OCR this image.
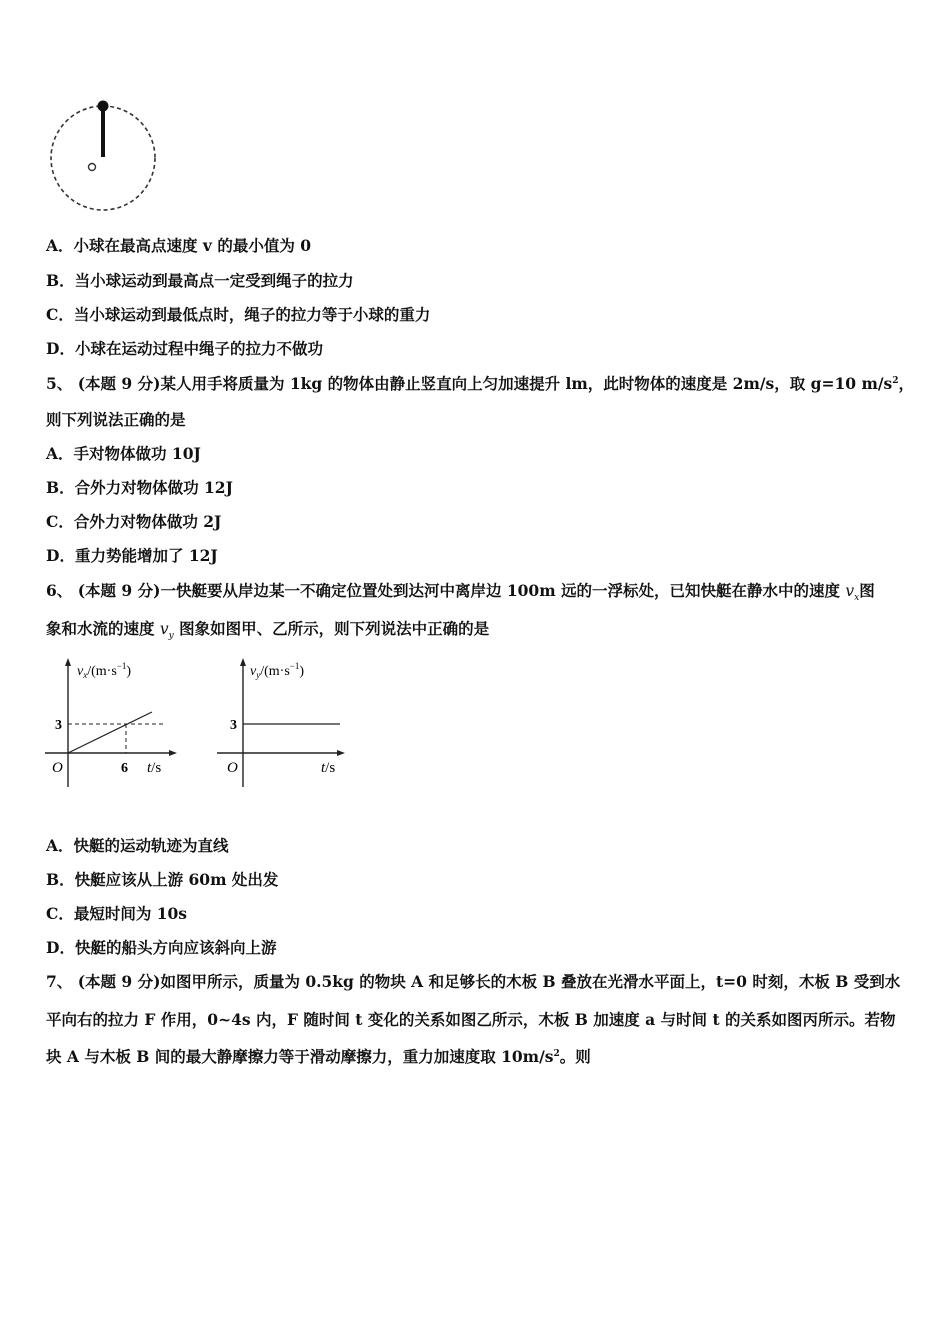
A．小球在最高点速度 v 的最小值为 0
B．当小球运动到最高点一定受到绳子的拉力
C．当小球运动到最低点时，绳子的拉力等于小球的重力
D．小球在运动过程中绳子的拉力不做功
5、 (本题 9 分)某人用手将质量为 1kg 的物体由静止竖直向上匀加速提升 lm，此时物体的速度是 2m/s，取 g=10 $m/s^2$，
则下列说法正确的是
A．手对物体做功 10J
B．合外力对物体做功 12J
C．合外力对物体做功 2J
D．重力势能增加了 12J
6、 (本题 9 分)一快艇要从岸边某一不确定位置处到达河中离岸边 100m 远的一浮标处，已知快艇在静水中的速度 $v_x$图
象和水流的速度 $v_y$ 图象如图甲、乙所示，则下列说法中正确的是
$v_x/(m\cdot s^{-1})$
3
O	6 t/s
$v_y/(m\cdot s^{-1})$
3
O	t/s
A．快艇的运动轨迹为直线
B．快艇应该从上游 60m 处出发
C．最短时间为 10s
D．快艇的船头方向应该斜向上游
7、 (本题 9 分)如图甲所示，质量为 0.5kg 的物块 A 和足够长的木板 B 叠放在光滑水平面上，t=0 时刻，木板 B 受到水
平向右的拉力 F 作用，0~4s 内，F 随时间 t 变化的关系如图乙所示，木板 B 加速度 a 与时间 t 的关系如图丙所示。若物
块 A 与木板 B 间的最大静摩擦力等于滑动摩擦力，重力加速度取 $10m/s^2$。则
